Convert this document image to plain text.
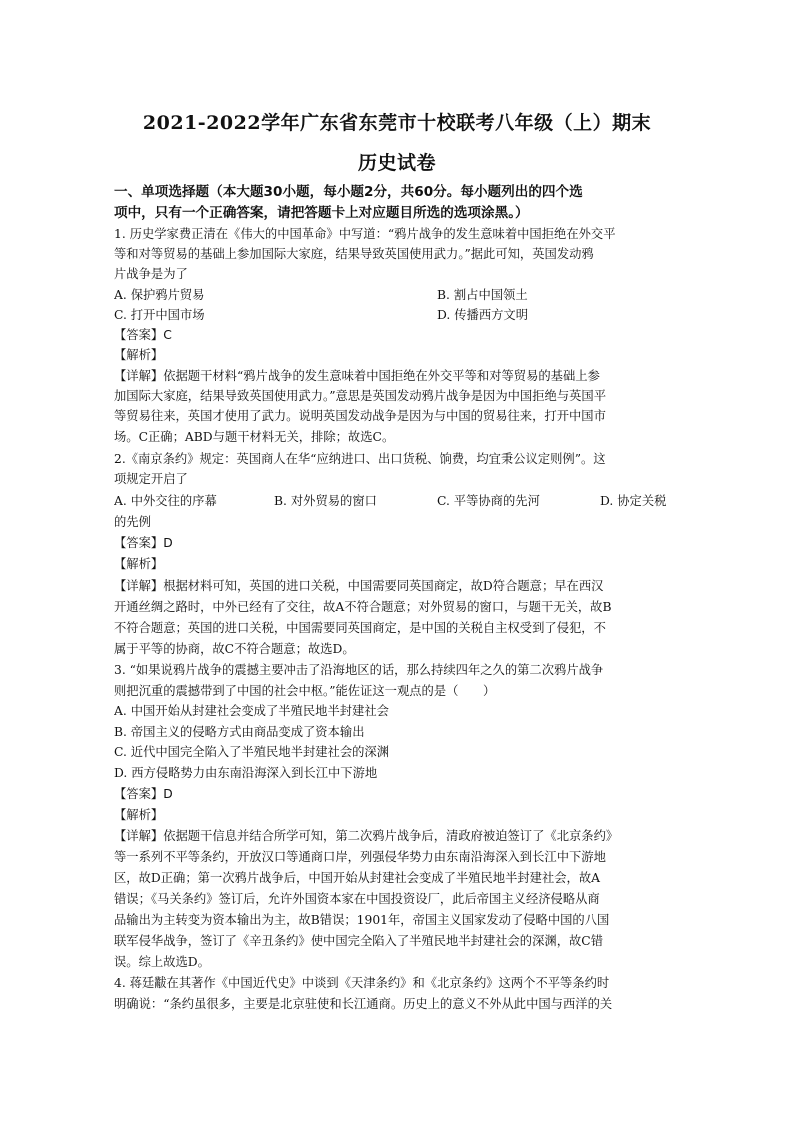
2021-2022学年广东省东莞市十校联考八年级（上）期末
历史试卷
一、单项选择题（本大题30小题，每小题2分，共60分。每小题列出的四个选
项中，只有一个正确答案，请把答题卡上对应题目所选的选项涂黑。）
1. 历史学家费正清在《伟大的中国革命》中写道：“鸦片战争的发生意味着中国拒绝在外交平
等和对等贸易的基础上参加国际大家庭，结果导致英国使用武力。”据此可知，英国发动鸦
片战争是为了
A. 保护鸦片贸易	B. 割占中国领土
C. 打开中国市场	D. 传播西方文明
【答案】C
【解析】
【详解】依据题干材料“鸦片战争的发生意味着中国拒绝在外交平等和对等贸易的基础上参
加国际大家庭，结果导致英国使用武力。”意思是英国发动鸦片战争是因为中国拒绝与英国平
等贸易往来，英国才使用了武力。说明英国发动战争是因为与中国的贸易往来，打开中国市
场。C正确；ABD与题干材料无关，排除；故选C。
2.《南京条约》规定：英国商人在华“应纳进口、出口货税、饷费，均宜秉公议定则例”。这
项规定开启了
A. 中外交往的序幕	B. 对外贸易的窗口	C. 平等协商的先河	D. 协定关税
的先例
【答案】D
【解析】
【详解】根据材料可知，英国的进口关税，中国需要同英国商定，故D符合题意；早在西汉
开通丝绸之路时，中外已经有了交往，故A不符合题意；对外贸易的窗口，与题干无关，故B
不符合题意；英国的进口关税，中国需要同英国商定，是中国的关税自主权受到了侵犯，不
属于平等的协商，故C不符合题意；故选D。
3. “如果说鸦片战争的震撼主要冲击了沿海地区的话，那么持续四年之久的第二次鸦片战争
则把沉重的震撼带到了中国的社会中枢。”能佐证这一观点的是（　　）
A. 中国开始从封建社会变成了半殖民地半封建社会
B. 帝国主义的侵略方式由商品变成了资本输出
C. 近代中国完全陷入了半殖民地半封建社会的深渊
D. 西方侵略势力由东南沿海深入到长江中下游地
【答案】D
【解析】
【详解】依据题干信息并结合所学可知，第二次鸦片战争后，清政府被迫签订了《北京条约》
等一系列不平等条约，开放汉口等通商口岸，列强侵华势力由东南沿海深入到长江中下游地
区，故D正确；第一次鸦片战争后，中国开始从封建社会变成了半殖民地半封建社会，故A
错误；《马关条约》签订后，允许外国资本家在中国投资设厂，此后帝国主义经济侵略从商
品输出为主转变为资本输出为主，故B错误；1901年，帝国主义国家发动了侵略中国的八国
联军侵华战争，签订了《辛丑条约》使中国完全陷入了半殖民地半封建社会的深渊，故C错
误。综上故选D。
4. 蒋廷黻在其著作《中国近代史》中谈到《天津条约》和《北京条约》这两个不平等条约时
明确说：“条约虽很多，主要是北京驻使和长江通商。历史上的意义不外从此中国与西洋的关
